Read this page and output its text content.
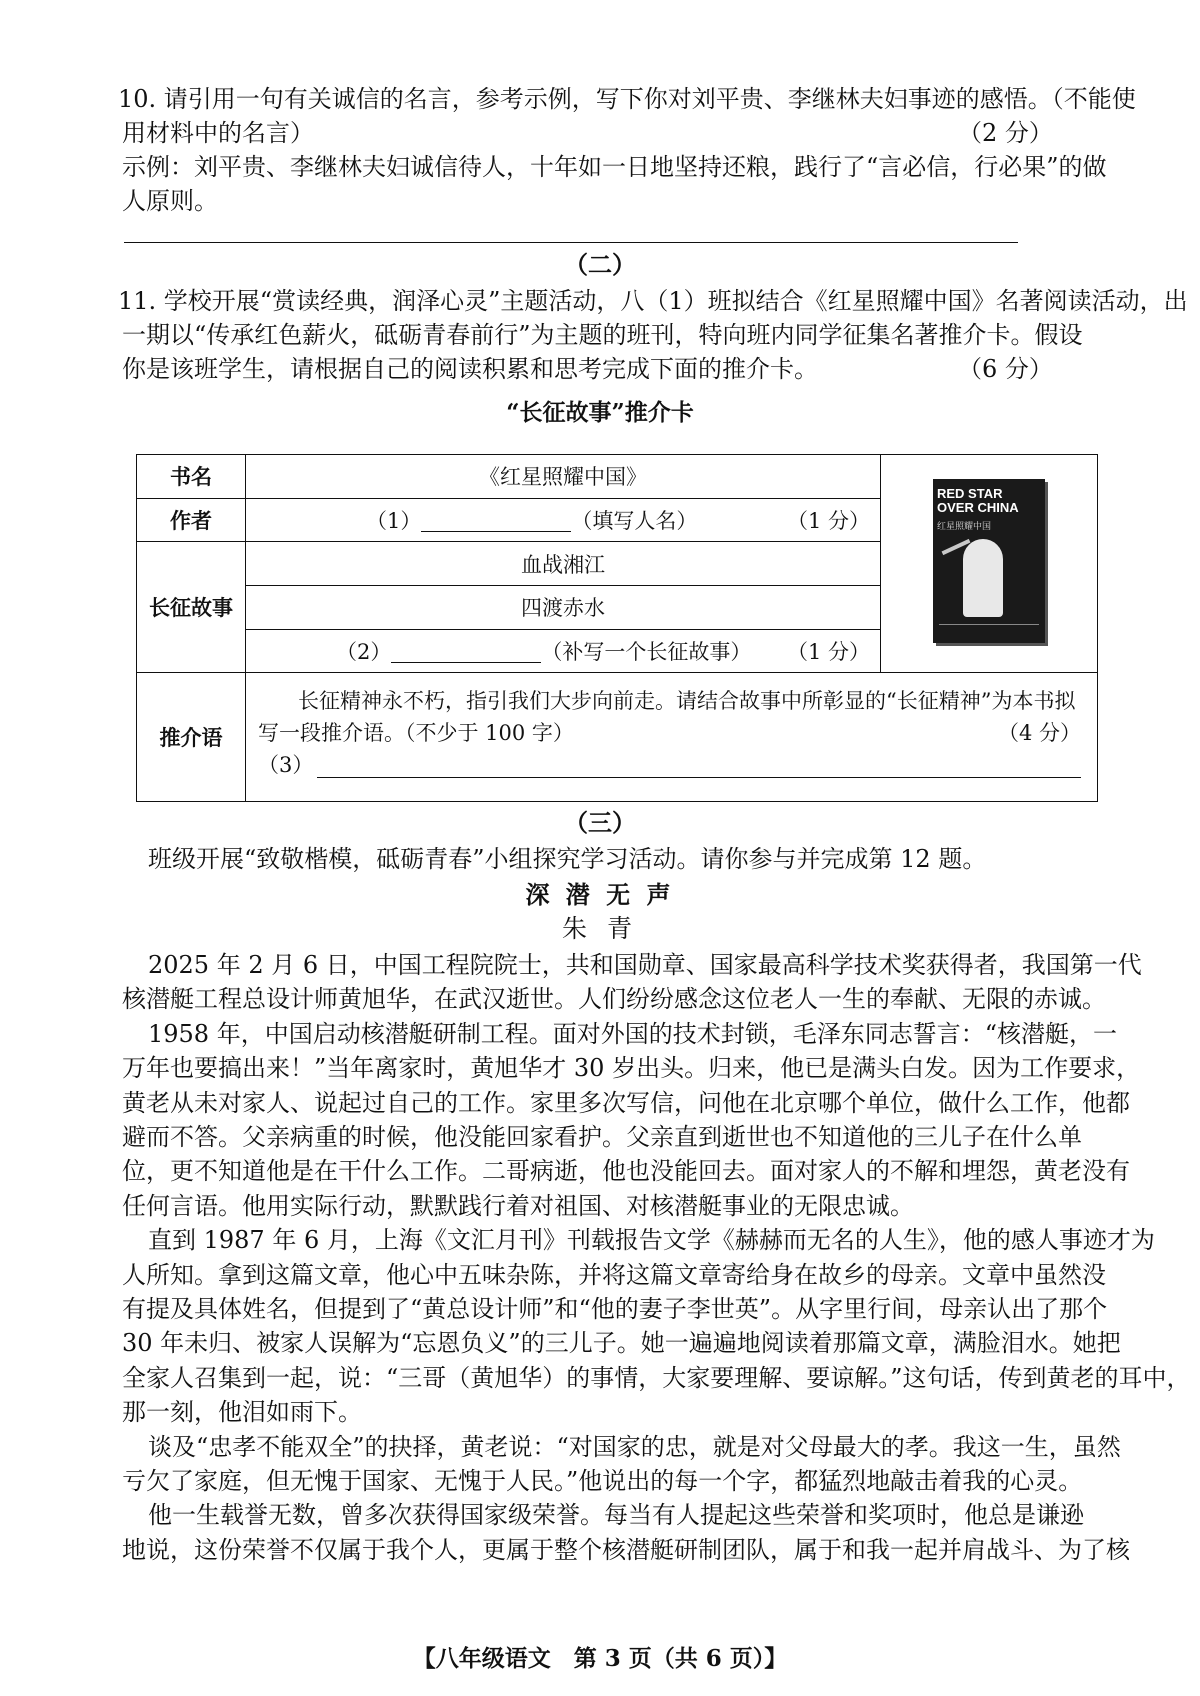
10. 请引用一句有关诚信的名言，参考示例，写下你对刘平贵、李继林夫妇事迹的感悟。（不能使
用材料中的名言）	（2 分）
示例：刘平贵、李继林夫妇诚信待人，十年如一日地坚持还粮，践行了“言必信，行必果”的做
人原则。
（二）
11. 学校开展“赏读经典，润泽心灵”主题活动，八（1）班拟结合《红星照耀中国》名著阅读活动，出
一期以“传承红色薪火，砥砺青春前行”为主题的班刊，特向班内同学征集名著推介卡。假设
你是该班学生，请根据自己的阅读积累和思考完成下面的推介卡。	（6 分）
“长征故事”推介卡
书名	《红星照耀中国》	RED STAR OVER CHINA
红星照耀中国

作者	（1） （填写人名） （1 分）	

长征故事	血战湘江	
	四渡赤水	

	（2） （补写一个长征故事） （1 分）	

推介语	长征精神永不朽，指引我们大步向前走。请结合故事中所彰显的“长征精神”为本书拟
写一段推介语。（不少于 100 字） （4 分）
（3）	
（三）
班级开展“致敬楷模，砥砺青春”小组探究学习活动。请你参与并完成第 12 题。
深 潜 无 声
朱 青
2025 年 2 月 6 日，中国工程院院士，共和国勋章、国家最高科学技术奖获得者，我国第一代
核潜艇工程总设计师黄旭华，在武汉逝世。人们纷纷感念这位老人一生的奉献、无限的赤诚。
1958 年，中国启动核潜艇研制工程。面对外国的技术封锁，毛泽东同志誓言：“核潜艇，一
万年也要搞出来！”当年离家时，黄旭华才 30 岁出头。归来，他已是满头白发。因为工作要求，
黄老从未对家人、说起过自己的工作。家里多次写信，问他在北京哪个单位，做什么工作，他都
避而不答。父亲病重的时候，他没能回家看护。父亲直到逝世也不知道他的三儿子在什么单
位，更不知道他是在干什么工作。二哥病逝，他也没能回去。面对家人的不解和埋怨，黄老没有
任何言语。他用实际行动，默默践行着对祖国、对核潜艇事业的无限忠诚。
直到 1987 年 6 月，上海《文汇月刊》刊载报告文学《赫赫而无名的人生》，他的感人事迹才为
人所知。拿到这篇文章，他心中五味杂陈，并将这篇文章寄给身在故乡的母亲。文章中虽然没
有提及具体姓名，但提到了“黄总设计师”和“他的妻子李世英”。从字里行间，母亲认出了那个
30 年未归、被家人误解为“忘恩负义”的三儿子。她一遍遍地阅读着那篇文章，满脸泪水。她把
全家人召集到一起，说：“三哥（黄旭华）的事情，大家要理解、要谅解。”这句话，传到黄老的耳中，
那一刻，他泪如雨下。
谈及“忠孝不能双全”的抉择，黄老说：“对国家的忠，就是对父母最大的孝。我这一生，虽然
亏欠了家庭，但无愧于国家、无愧于人民。”他说出的每一个字，都猛烈地敲击着我的心灵。
他一生载誉无数，曾多次获得国家级荣誉。每当有人提起这些荣誉和奖项时，他总是谦逊
地说，这份荣誉不仅属于我个人，更属于整个核潜艇研制团队，属于和我一起并肩战斗、为了核
【八年级语文　第 3 页（共 6 页）】
